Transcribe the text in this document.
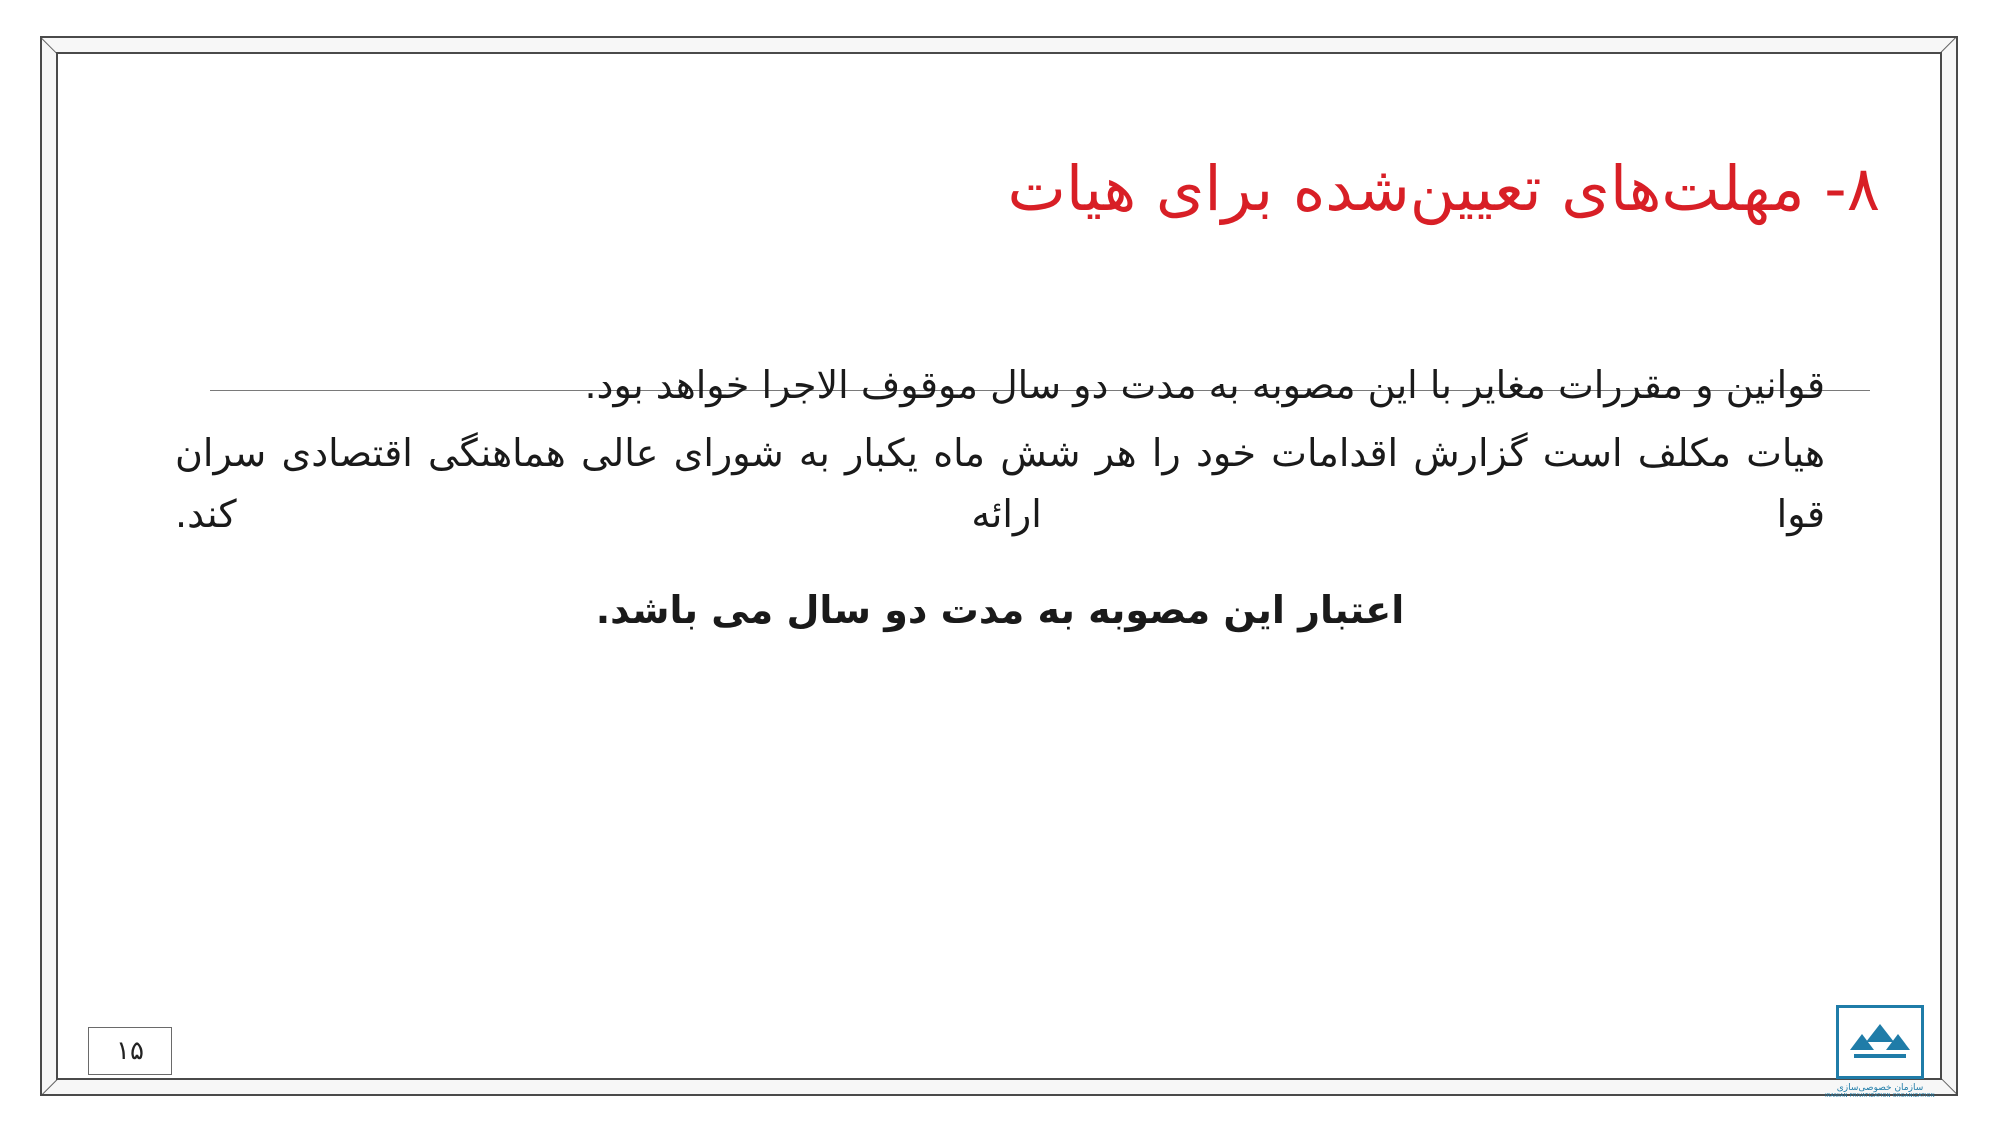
۸- مهلت‌های تعیین‌شده برای هیات

قوانین و مقررات مغایر با این مصوبه به مدت دو سال موقوف الاجرا خواهد بود.

هیات مکلف است گزارش اقدامات خود را هر شش ماه یکبار به شورای عالی هماهنگی اقتصادی سران قوا ارائه کند.

اعتبار این مصوبه به مدت دو سال می باشد.

۱۵
سازمان خصوصی‌سازی
IRANIAN PRIVATIZATION ORGANIZATION
